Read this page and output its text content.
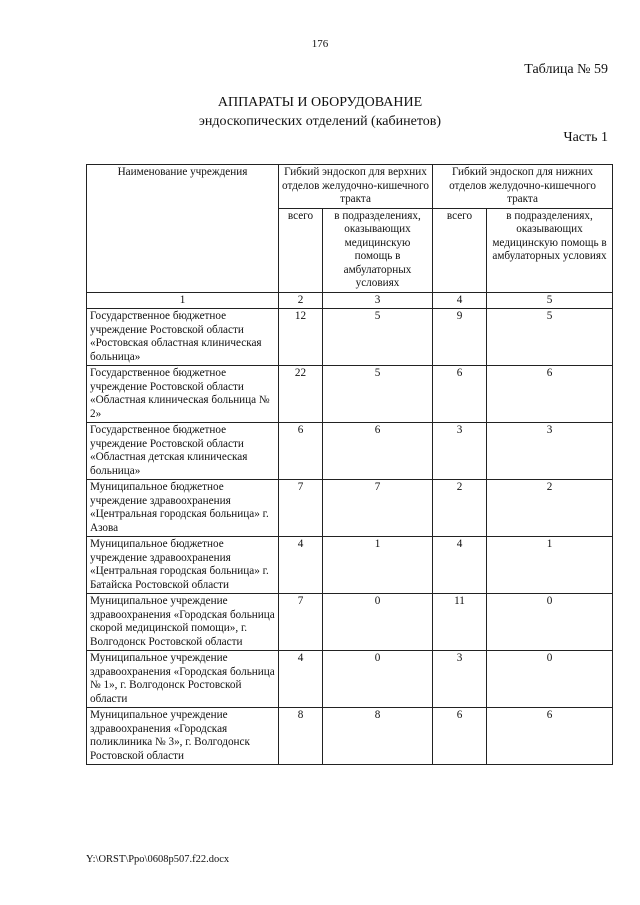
176
Таблица № 59
АППАРАТЫ И ОБОРУДОВАНИЕ
эндоскопических отделений (кабинетов)
Часть 1
Наименование учреждения	Гибкий эндоскоп для верхних отделов желудочно-кишечного тракта		Гибкий эндоскоп для нижних отделов желудочно-кишечного тракта	
	всего	в подразделениях, оказывающих медицинскую помощь в амбулаторных условиях	всего	в подразделениях, оказывающих медицинскую помощь в амбулаторных условиях
1	2	3	4	5
Государственное бюджетное учреждение Ростовской области «Ростовская областная клиническая больница»	12	5	9	5
Государственное бюджетное учреждение Ростовской области «Областная клиническая больница № 2»	22	5	6	6
Государственное бюджетное учреждение Ростовской области «Областная детская клиническая больница»	6	6	3	3
Муниципальное бюджетное учреждение здравоохранения «Центральная городская больница» г. Азова	7	7	2	2
Муниципальное бюджетное учреждение здравоохранения «Центральная городская больница» г. Батайска Ростовской области	4	1	4	1
Муниципальное учреждение здравоохранения «Городская больница скорой медицинской помощи», г. Волгодонск Ростовской области	7	0	11	0
Муниципальное учреждение здравоохранения «Городская больница № 1», г. Волгодонск Ростовской области	4	0	3	0
Муниципальное учреждение здравоохранения «Городская поликлиника № 3», г. Волгодонск Ростовской области	8	8	6	6
Y:\ORST\Ppo\0608p507.f22.docx
